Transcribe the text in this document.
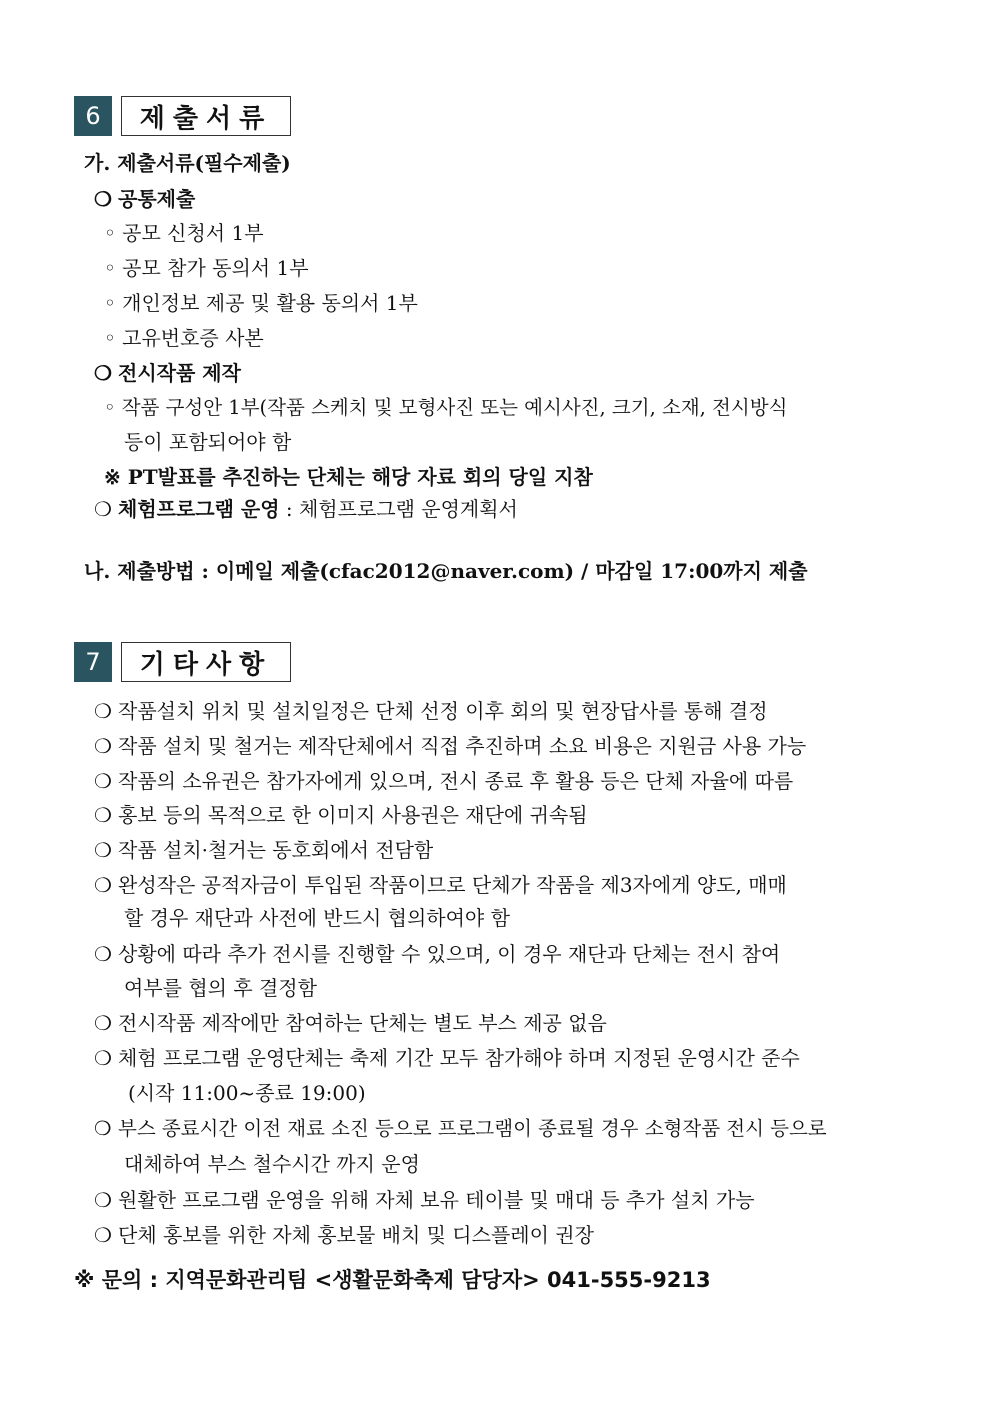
6	제출서류
가. 제출서류(필수제출)
❍ 공통제출
◦ 공모 신청서 1부
◦ 공모 참가 동의서 1부
◦ 개인정보 제공 및 활용 동의서 1부
◦ 고유번호증 사본
❍ 전시작품 제작
◦ 작품 구성안 1부(작품 스케치 및 모형사진 또는 예시사진, 크기, 소재, 전시방식
등이 포함되어야 함
※ PT발표를 추진하는 단체는 해당 자료 회의 당일 지참
❍ 체험프로그램 운영 : 체험프로그램 운영계획서
나. 제출방법 : 이메일 제출(cfac2012@naver.com) / 마감일 17:00까지 제출
7	기타사항
❍ 작품설치 위치 및 설치일정은 단체 선정 이후 회의 및 현장답사를 통해 결정
❍ 작품 설치 및 철거는 제작단체에서 직접 추진하며 소요 비용은 지원금 사용 가능
❍ 작품의 소유권은 참가자에게 있으며, 전시 종료 후 활용 등은 단체 자율에 따름
❍ 홍보 등의 목적으로 한 이미지 사용권은 재단에 귀속됨
❍ 작품 설치·철거는 동호회에서 전담함
❍ 완성작은 공적자금이 투입된 작품이므로 단체가 작품을 제3자에게 양도, 매매
할 경우 재단과 사전에 반드시 협의하여야 함
❍ 상황에 따라 추가 전시를 진행할 수 있으며, 이 경우 재단과 단체는 전시 참여
여부를 협의 후 결정함
❍ 전시작품 제작에만 참여하는 단체는 별도 부스 제공 없음
❍ 체험 프로그램 운영단체는 축제 기간 모두 참가해야 하며 지정된 운영시간 준수
(시작 11:00~종료 19:00)
❍ 부스 종료시간 이전 재료 소진 등으로 프로그램이 종료될 경우 소형작품 전시 등으로
대체하여 부스 철수시간 까지 운영
❍ 원활한 프로그램 운영을 위해 자체 보유 테이블 및 매대 등 추가 설치 가능
❍ 단체 홍보를 위한 자체 홍보물 배치 및 디스플레이 권장
※ 문의 : 지역문화관리팀 <생활문화축제 담당자> 041-555-9213
